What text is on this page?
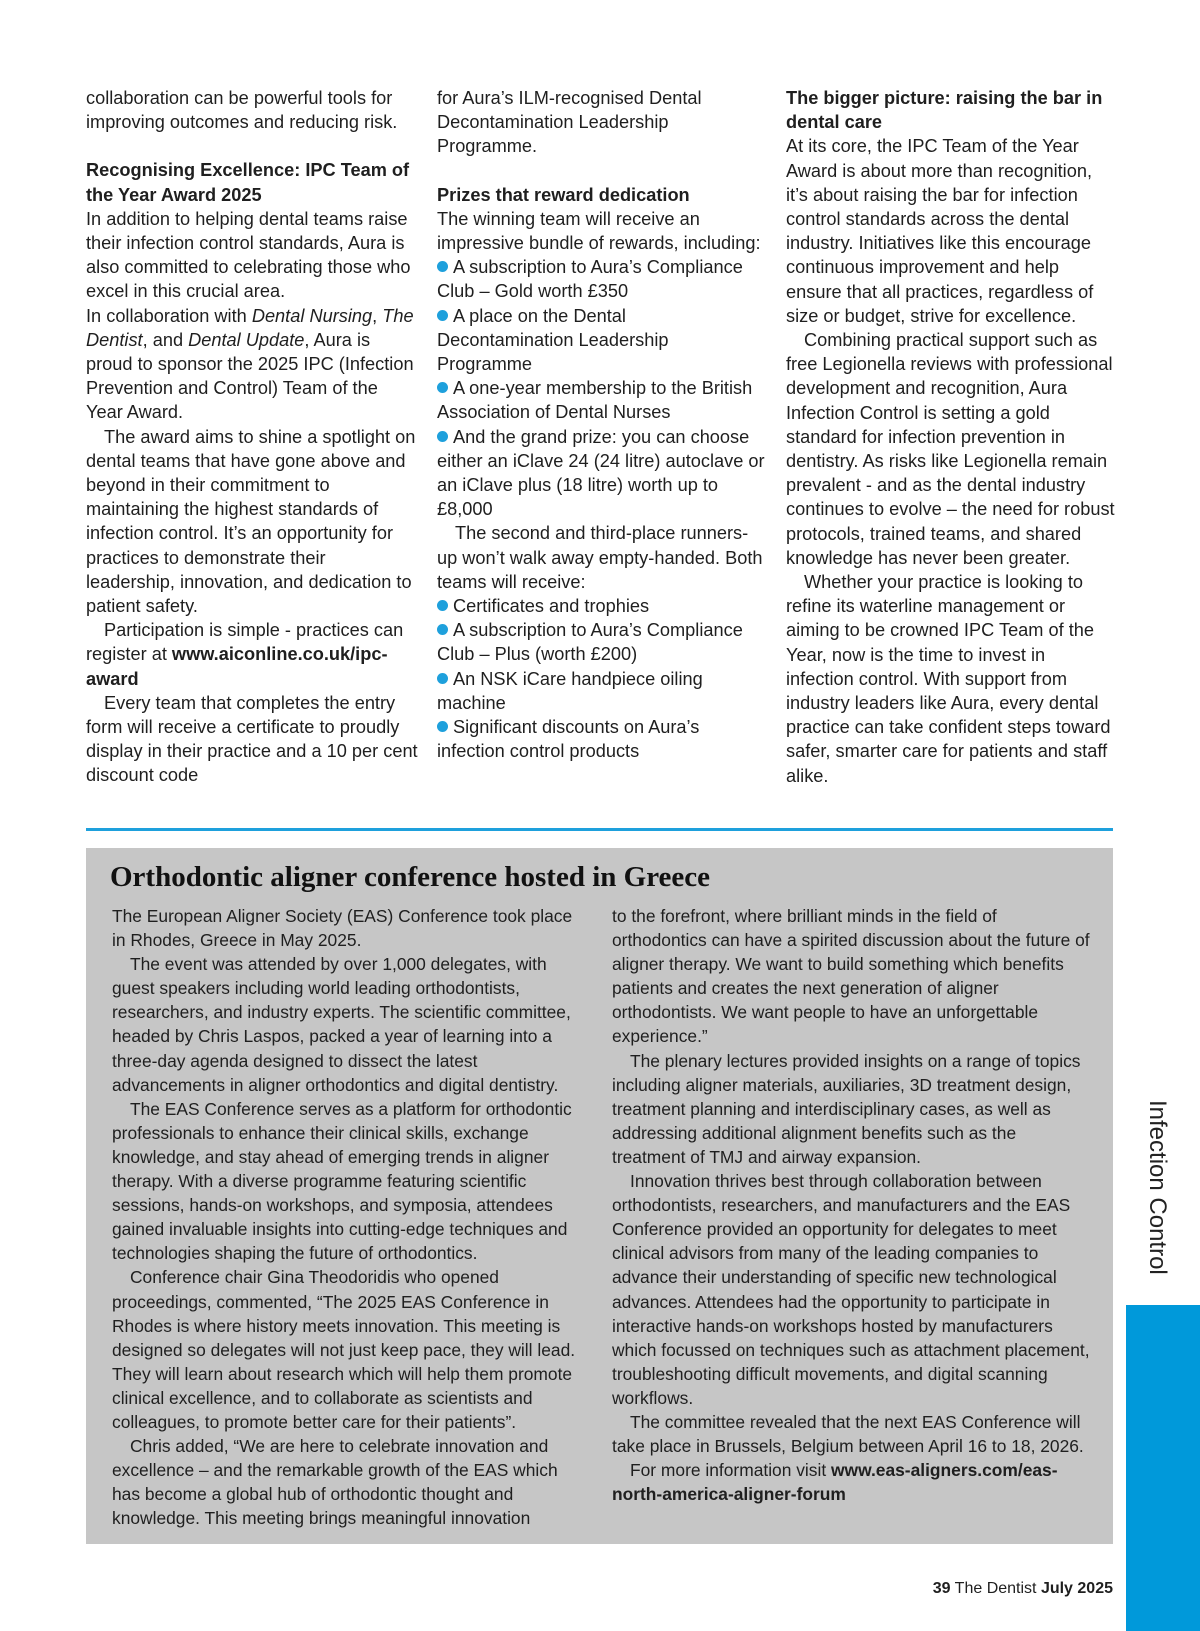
collaboration can be powerful tools for improving outcomes and reducing risk.

Recognising Excellence: IPC Team of the Year Award 2025

In addition to helping dental teams raise their infection control standards, Aura is also committed to celebrating those who excel in this crucial area.

In collaboration with Dental Nursing, The Dentist, and Dental Update, Aura is proud to sponsor the 2025 IPC (Infection Prevention and Control) Team of the Year Award.

The award aims to shine a spotlight on dental teams that have gone above and beyond in their commitment to maintaining the highest standards of infection control. It’s an opportunity for practices to demonstrate their leadership, innovation, and dedication to patient safety.

Participation is simple - practices can register at www.aiconline.co.uk/ipc-award

Every team that completes the entry form will receive a certificate to proudly display in their practice and a 10 per cent discount code

for Aura’s ILM-recognised Dental Decontamination Leadership Programme.

Prizes that reward dedication

The winning team will receive an impressive bundle of rewards, including:

A subscription to Aura’s Compliance Club – Gold worth £350

A place on the Dental Decontamination Leadership Programme

A one-year membership to the British Association of Dental Nurses

And the grand prize: you can choose either an iClave 24 (24 litre) autoclave or an iClave plus (18 litre) worth up to £8,000

The second and third-place runners-up won’t walk away empty-handed. Both teams will receive:

Certificates and trophies

A subscription to Aura’s Compliance Club – Plus (worth £200)

An NSK iCare handpiece oiling machine

Significant discounts on Aura’s infection control products

The bigger picture: raising the bar in dental care

At its core, the IPC Team of the Year Award is about more than recognition, it’s about raising the bar for infection control standards across the dental industry. Initiatives like this encourage continuous improvement and help ensure that all practices, regardless of size or budget, strive for excellence.

Combining practical support such as free Legionella reviews with professional development and recognition, Aura Infection Control is setting a gold standard for infection prevention in dentistry. As risks like Legionella remain prevalent - and as the dental industry continues to evolve – the need for robust protocols, trained teams, and shared knowledge has never been greater.

Whether your practice is looking to refine its waterline management or aiming to be crowned IPC Team of the Year, now is the time to invest in infection control. With support from industry leaders like Aura, every dental practice can take confident steps toward safer, smarter care for patients and staff alike.

Orthodontic aligner conference hosted in Greece

The European Aligner Society (EAS) Conference took place in Rhodes, Greece in May 2025.

The event was attended by over 1,000 delegates, with guest speakers including world leading orthodontists, researchers, and industry experts. The scientific committee, headed by Chris Laspos, packed a year of learning into a three-day agenda designed to dissect the latest advancements in aligner orthodontics and digital dentistry.

The EAS Conference serves as a platform for orthodontic professionals to enhance their clinical skills, exchange knowledge, and stay ahead of emerging trends in aligner therapy. With a diverse programme featuring scientific sessions, hands-on workshops, and symposia, attendees gained invaluable insights into cutting-edge techniques and technologies shaping the future of orthodontics.

Conference chair Gina Theodoridis who opened proceedings, commented, “The 2025 EAS Conference in Rhodes is where history meets innovation. This meeting is designed so delegates will not just keep pace, they will lead. They will learn about research which will help them promote clinical excellence, and to collaborate as scientists and colleagues, to promote better care for their patients”.

Chris added, “We are here to celebrate innovation and excellence – and the remarkable growth of the EAS which has become a global hub of orthodontic thought and knowledge. This meeting brings meaningful innovation

to the forefront, where brilliant minds in the field of orthodontics can have a spirited discussion about the future of aligner therapy. We want to build something which benefits patients and creates the next generation of aligner orthodontists. We want people to have an unforgettable experience.”

The plenary lectures provided insights on a range of topics including aligner materials, auxiliaries, 3D treatment design, treatment planning and interdisciplinary cases, as well as addressing additional alignment benefits such as the treatment of TMJ and airway expansion.

Innovation thrives best through collaboration between orthodontists, researchers, and manufacturers and the EAS Conference provided an opportunity for delegates to meet clinical advisors from many of the leading companies to advance their understanding of specific new technological advances. Attendees had the opportunity to participate in interactive hands-on workshops hosted by manufacturers which focussed on techniques such as attachment placement, troubleshooting difficult movements, and digital scanning workflows.

The committee revealed that the next EAS Conference will take place in Brussels, Belgium between April 16 to 18, 2026.

For more information visit www.eas-aligners.com/eas-north-america-aligner-forum

Infection Control
39 The Dentist July 2025
